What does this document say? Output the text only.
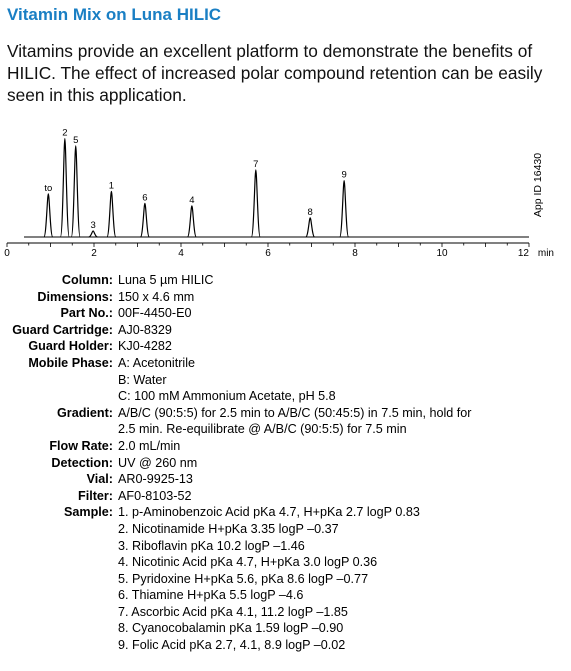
Vitamin Mix on Luna HILIC
Vitamins provide an excellent platform to demonstrate the benefits of HILIC. The effect of increased polar compound retention can be easily seen in this application.
0	2	4	6	8	10	12 min
to
2
5
3
1
6	4
7
8
9	App ID 16430
Column: Luna 5 µm HILIC
Dimensions: 150 x 4.6 mm
Part No.: 00F-4450-E0
Guard Cartridge: AJ0-8329
Guard Holder: KJ0-4282
Mobile Phase: A: Acetonitrile
B: Water
C: 100 mM Ammonium Acetate, pH 5.8
Gradient: A/B/C (90:5:5) for 2.5 min to A/B/C (50:45:5) in 7.5 min, hold for
2.5 min. Re-equilibrate @ A/B/C (90:5:5) for 7.5 min
Flow Rate: 2.0 mL/min
Detection: UV @ 260 nm
Vial: AR0-9925-13
Filter: AF0-8103-52
Sample: 1. p-Aminobenzoic Acid pKa 4.7, H+pKa 2.7 logP 0.83
2. Nicotinamide H+pKa 3.35 logP –0.37
3. Riboflavin pKa 10.2 logP –1.46
4. Nicotinic Acid pKa 4.7, H+pKa 3.0 logP 0.36
5. Pyridoxine H+pKa 5.6, pKa 8.6 logP –0.77
6. Thiamine H+pKa 5.5 logP –4.6
7. Ascorbic Acid pKa 4.1, 11.2 logP –1.85
8. Cyanocobalamin pKa 1.59 logP –0.90
9. Folic Acid pKa 2.7, 4.1, 8.9 logP –0.02
